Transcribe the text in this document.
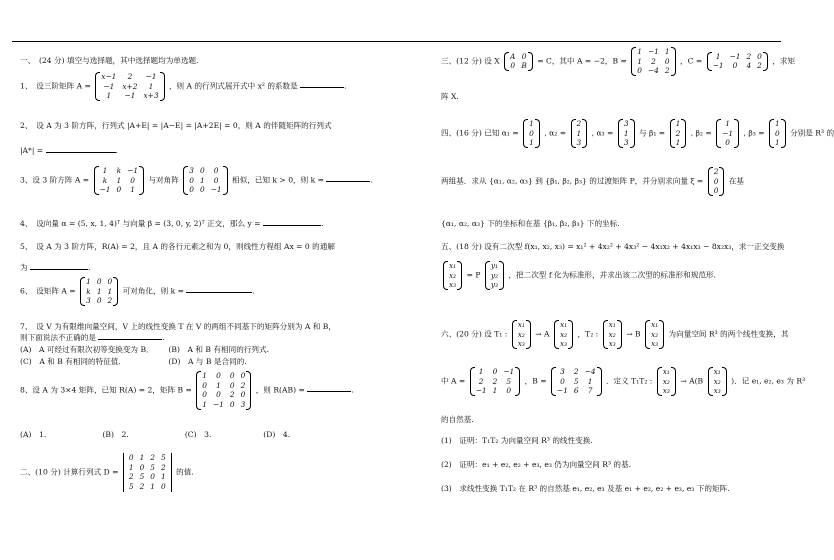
一、　(24 分) 填空与选择题，其中选择题均为单选题.
1、　设三阶矩阵 A =
x−1	2	−1
−1	x+2	1
1	−1	x+3
，则 A 的行列式展开式中 x² 的系数是	.
2、　设 A 为 3 阶方阵，行列式 |A+E| = |A−E| = |A+2E| = 0，则 A 的伴随矩阵的行列式
|A*| =	.
3、设 3 阶方阵 A =
1	k	−1
k	1	0
−1	0	1
与对角阵
3	0	0
0	1	0
0	0	−1
相似，已知 k > 0，则 k =	.
4、　设向量 α = (5, x, 1, 4)ᵀ 与向量 β = (3, 0, y, 2)ᵀ 正交，那么 y =	.
5、　设 A 为 3 阶方阵，R(A) = 2，且 A 的各行元素之和为 0，则线性方程组 Ax = 0 的通解
为	.
6、　设矩阵 A =
1	0	0
k	1	1
3	0	2
可对角化，则 k =	.
7、　设 V 为有限维向量空间，V 上的线性变换 T 在 V 的两组不同基下的矩阵分别为 A 和 B，
则下面说法不正确的是	.
(A)　A 可经过有限次初等变换变为 B． (B)　A 和 B 有相同的行列式.
(C)　A 和 B 有相同的特征值.	(D)　A 与 B 是合同的.
8、设 A 为 3×4 矩阵，已知 R(A) = 2，矩阵 B =
1	0	0	0
0	1	0	2
0	0	2	0
1	−1	0	3
，则 R(AB) =	.
(A)　1.	(B)　2.	(C)　3.	(D)　4.
二、(10 分) 计算行列式 D =
0	1	2	5
1	0	5	2
2	5	0	1
5	2	1	0
的值.
三、(12 分) 设 X
A	0
0	B
= C，其中 A = −2，B =
1	−1	1
1	2	0
0	−4	2
，C =
1	−1	2	0
−1	0	4	2
，求矩
阵 X.
四、(16 分) 已知 α₁ =
1
0
1
, α₂ =
2
1
3
, α₃ =
3
1
3
与 β₁ =
1
2
1
, β₂ =
1
−1
0
, β₃ =
1
0
1
分别是 R³ 的
两组基．求从 {α₁, α₂, α₃} 到 {β₁, β₂, β₃} 的过渡矩阵 P，并分别求向量 ξ =
2
0
0
在基
{α₁, α₂, α₃} 下的坐标和在基 {β₁, β₂, β₃} 下的坐标.
五、(18 分) 设有二次型 f(x₁, x₂, x₃) = x₁² + 4x₂² + 4x₃² − 4x₁x₂ + 4x₁x₃ − 8x₂x₃，求一正交变换
x₁
x₂
x₃
= P
y₁
y₂
y₃
，把二次型 f 化为标准形，并求出该二次型的标准形和规范形.
六、(20 分) 设 T₁ :
x₁
x₂
x₃
→ A
x₁
x₂
x₃
，T₂ :
x₁
x₂
x₃
→ B
x₁
x₂
x₃
为向量空间 R³ 的两个线性变换，其
中 A =
1	0	−1
2	2	5
−1	1	0
，B =
3	2	−4
0	5	1
−1	6	7
．定义 T₁T₂ :
x₁
x₂
x₃
→ A(B
x₁
x₂
x₃
)．记 e₁, e₂, e₃ 为 R³
的自然基.
(1)　证明：T₁T₂ 为向量空间 R³ 的线性变换.
(2)　证明：e₁ + e₂, e₂ + e₃, e₃ 仍为向量空间 R³ 的基.
(3)　求线性变换 T₁T₂ 在 R³ 的自然基 e₁, e₂, e₃ 及基 e₁ + e₂, e₂ + e₃, e₃ 下的矩阵.
